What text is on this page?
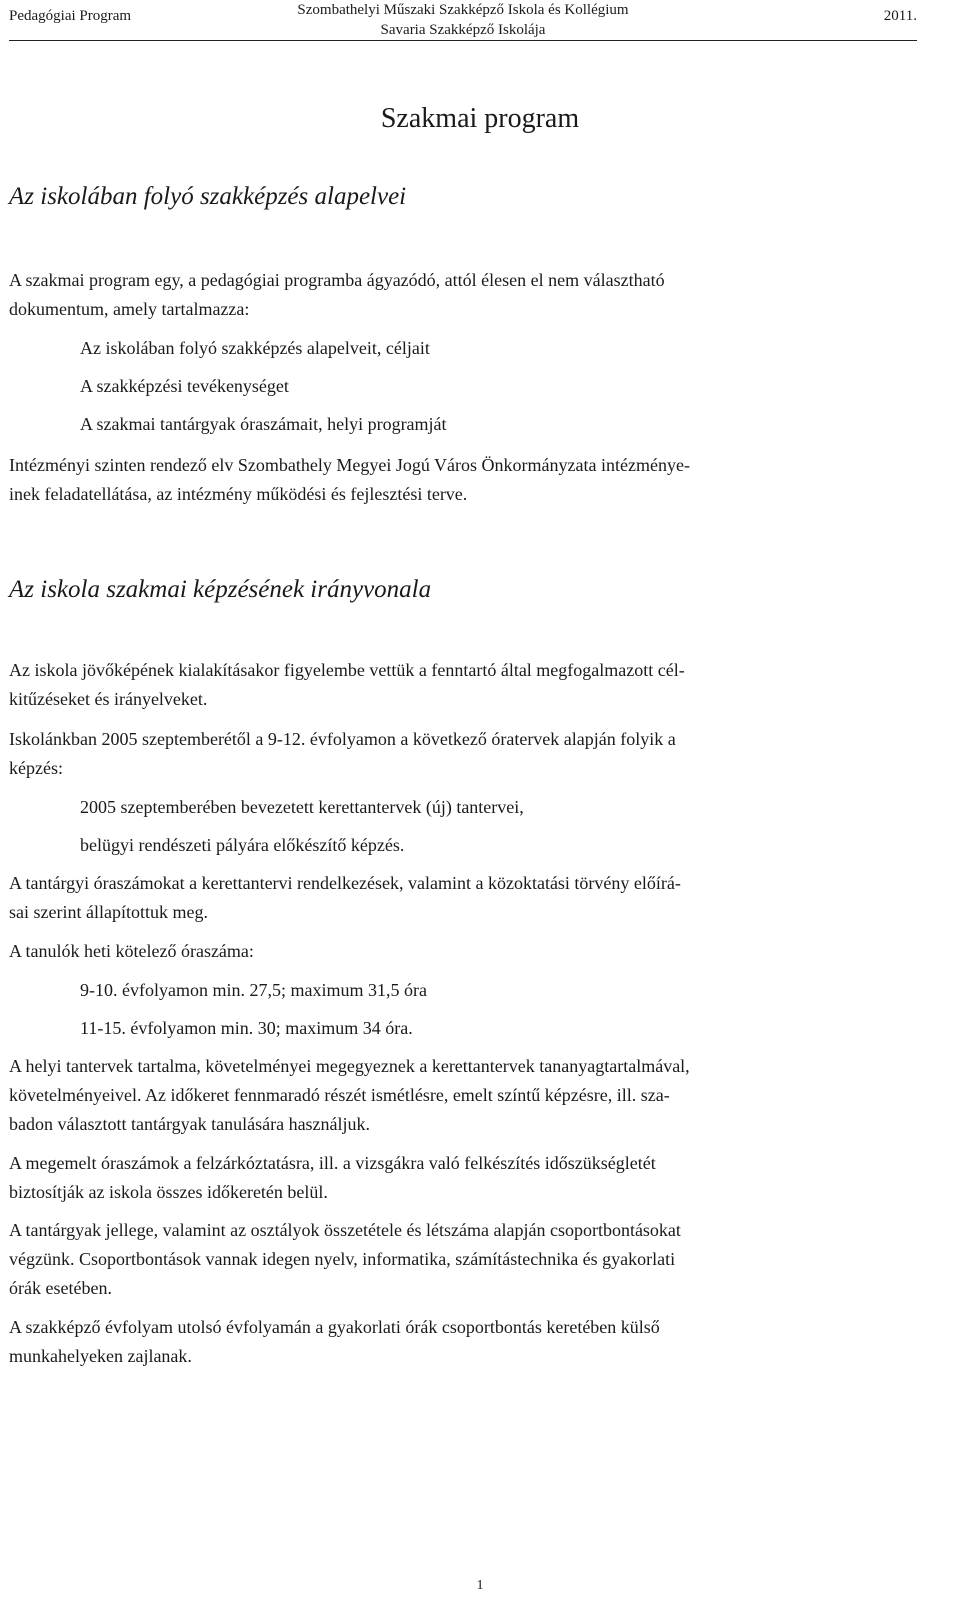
Pedagógiai Program	Szombathelyi Műszaki Szakképző Iskola és Kollégium
Savaria Szakképző Iskolája
2011.
Szakmai program
Az iskolában folyó szakképzés alapelvei
A szakmai program egy, a pedagógiai programba ágyazódó, attól élesen el nem választható
dokumentum, amely tartalmazza:
Az iskolában folyó szakképzés alapelveit, céljait
A szakképzési tevékenységet
A szakmai tantárgyak óraszámait, helyi programját
Intézményi szinten rendező elv Szombathely Megyei Jogú Város Önkormányzata intézménye-
inek feladatellátása, az intézmény működési és fejlesztési terve.
Az iskola szakmai képzésének irányvonala
Az iskola jövőképének kialakításakor figyelembe vettük a fenntartó által megfogalmazott cél-
kitűzéseket és irányelveket.
Iskolánkban 2005 szeptemberétől a 9-12. évfolyamon a következő óratervek alapján folyik a
képzés:
2005 szeptemberében bevezetett kerettantervek (új) tantervei,
belügyi rendészeti pályára előkészítő képzés.
A tantárgyi óraszámokat a kerettantervi rendelkezések, valamint a közoktatási törvény előírá-
sai szerint állapítottuk meg.
A tanulók heti kötelező óraszáma:
9-10. évfolyamon min. 27,5; maximum 31,5 óra
11-15. évfolyamon min. 30; maximum 34 óra.
A helyi tantervek tartalma, követelményei megegyeznek a kerettantervek tananyagtartalmával,
követelményeivel. Az időkeret fennmaradó részét ismétlésre, emelt színtű képzésre, ill. sza-
badon választott tantárgyak tanulására használjuk.
A megemelt óraszámok a felzárkóztatásra, ill. a vizsgákra való felkészítés időszükségletét
biztosítják az iskola összes időkeretén belül.
A tantárgyak jellege, valamint az osztályok összetétele és létszáma alapján csoportbontásokat
végzünk. Csoportbontások vannak idegen nyelv, informatika, számítástechnika és gyakorlati
órák esetében.
A szakképző évfolyam utolsó évfolyamán a gyakorlati órák csoportbontás keretében külső
munkahelyeken zajlanak.
1
